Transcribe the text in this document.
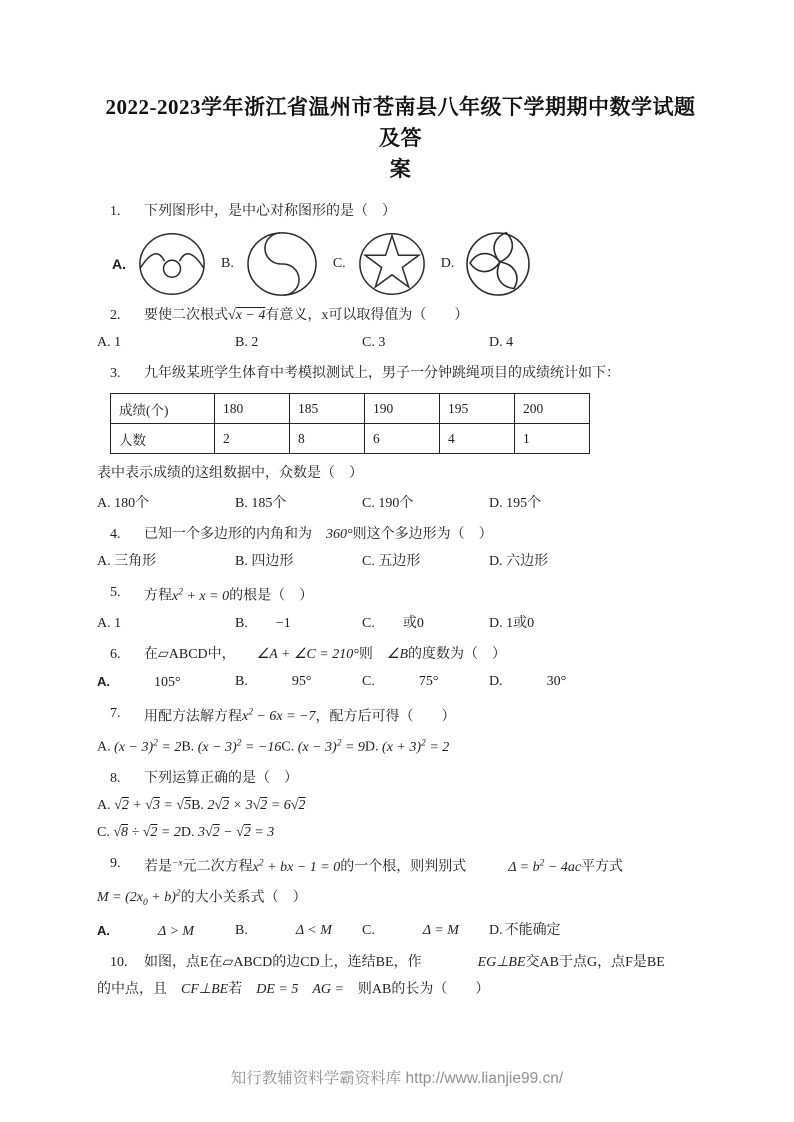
2022-2023学年浙江省温州市苍南县八年级下学期期中数学试题及答
案
1.	下列图形中，是中心对称图形的是（　）
A.	B.	C.	D.
2.	要使二次根式√x − 4有意义，x可以取得值为（　　）
A. 1	B. 2	C. 3	D. 4
3.	九年级某班学生体育中考模拟测试上，男子一分钟跳绳项目的成绩统计如下：
成绩(个)	180	185	190	195	200
人数	2	8	6	4	1
表中表示成绩的这组数据中，众数是（　）
A. 180个	B. 185个	C. 190个	D. 195个
4.	已知一个多边形的内角和为　360°则这个多边形为（　）
A. 三角形	B. 四边形	C. 五边形	D. 六边形
5.	方程$x^2 + x = 0$的根是（　）
A. 1	B.　　−1	C.　　或0	D. 1或0
6.	在▱ABCD中，　　∠A + ∠C = 210°则　∠B的度数为（　）
A.	105°	B.	95°	C.	75°	D.	30°
7.	用配方法解方程$x^2 - 6x = -7$，配方后可得（　　）
A. $(x - 3)^2 = 2B$. $(x - 3)^2 = -16C$. $(x - 3)^2 = 9D$. $(x + 3)^2 = 2$
8.	下列运算正确的是（　）
A. √2 + √3 = √5B. 2√2 × 3√2 = 6√2
C. √8 ÷ √2 = 2D. 3√2 − √2 = 3
9.	若是$^{-x}$元二次方程$x^2$ + bx − 1 = 0的一个根，则判别式　　　$\Delta = b^2 - 4ac$平方式
$M = (2x_0 + b)^2$的大小关系式（　）
A.	Δ > M	B.	Δ < M	C.	Δ = M	D. 不能确定
10.	如图，点E在▱ABCD的边CD上，连结BE，作　　　　EG⊥BE交AB于点G，点F是BE
的中点，且　CF⊥BE若　DE = 5　 AG =　则AB的长为（　　）
知行教辅资料学霸资料库 http://www.lianjie99.cn/
